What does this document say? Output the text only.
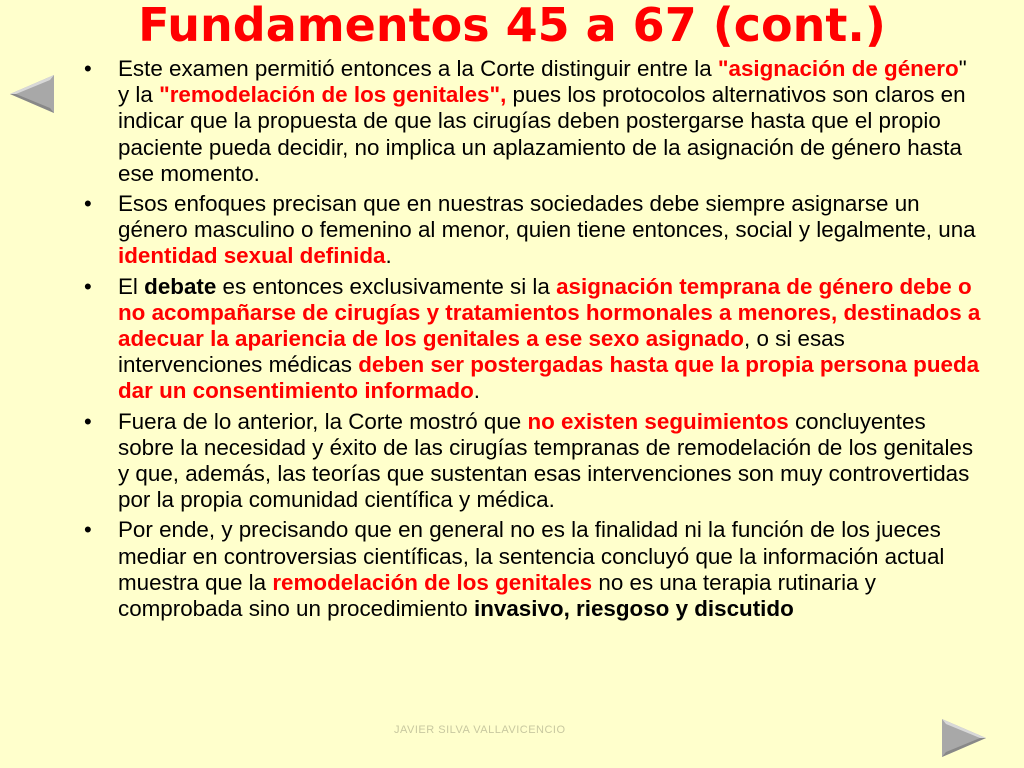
Fundamentos 45 a 67 (cont.)
•	Este examen permitió entonces a la Corte distinguir entre la "asignación de género" y la "remodelación de los genitales", pues los protocolos alternativos son claros en indicar que la propuesta de que las cirugías deben postergarse hasta que el propio paciente pueda decidir, no implica un aplazamiento de la asignación de género hasta ese momento.
•	Esos enfoques precisan que en nuestras sociedades debe siempre asignarse un género masculino o femenino al menor, quien tiene entonces, social y legalmente, una identidad sexual definida.
•	El debate es entonces exclusivamente si la asignación temprana de género debe o no acompañarse de cirugías y tratamientos hormonales a menores, destinados a adecuar la apariencia de los genitales a ese sexo asignado, o si esas intervenciones médicas deben ser postergadas hasta que la propia persona pueda dar un consentimiento informado.
•	Fuera de lo anterior, la Corte mostró que no existen seguimientos concluyentes sobre la necesidad y éxito de las cirugías tempranas de remodelación de los genitales y que, además, las teorías que sustentan esas intervenciones son muy controvertidas por la propia comunidad científica y médica.
•	Por ende, y precisando que en general no es la finalidad ni la función de los jueces mediar en controversias científicas, la sentencia concluyó que la información actual muestra que la remodelación de los genitales no es una terapia rutinaria y comprobada sino un procedimiento invasivo, riesgoso y discutido
JAVIER SILVA VALLAVICENCIO
